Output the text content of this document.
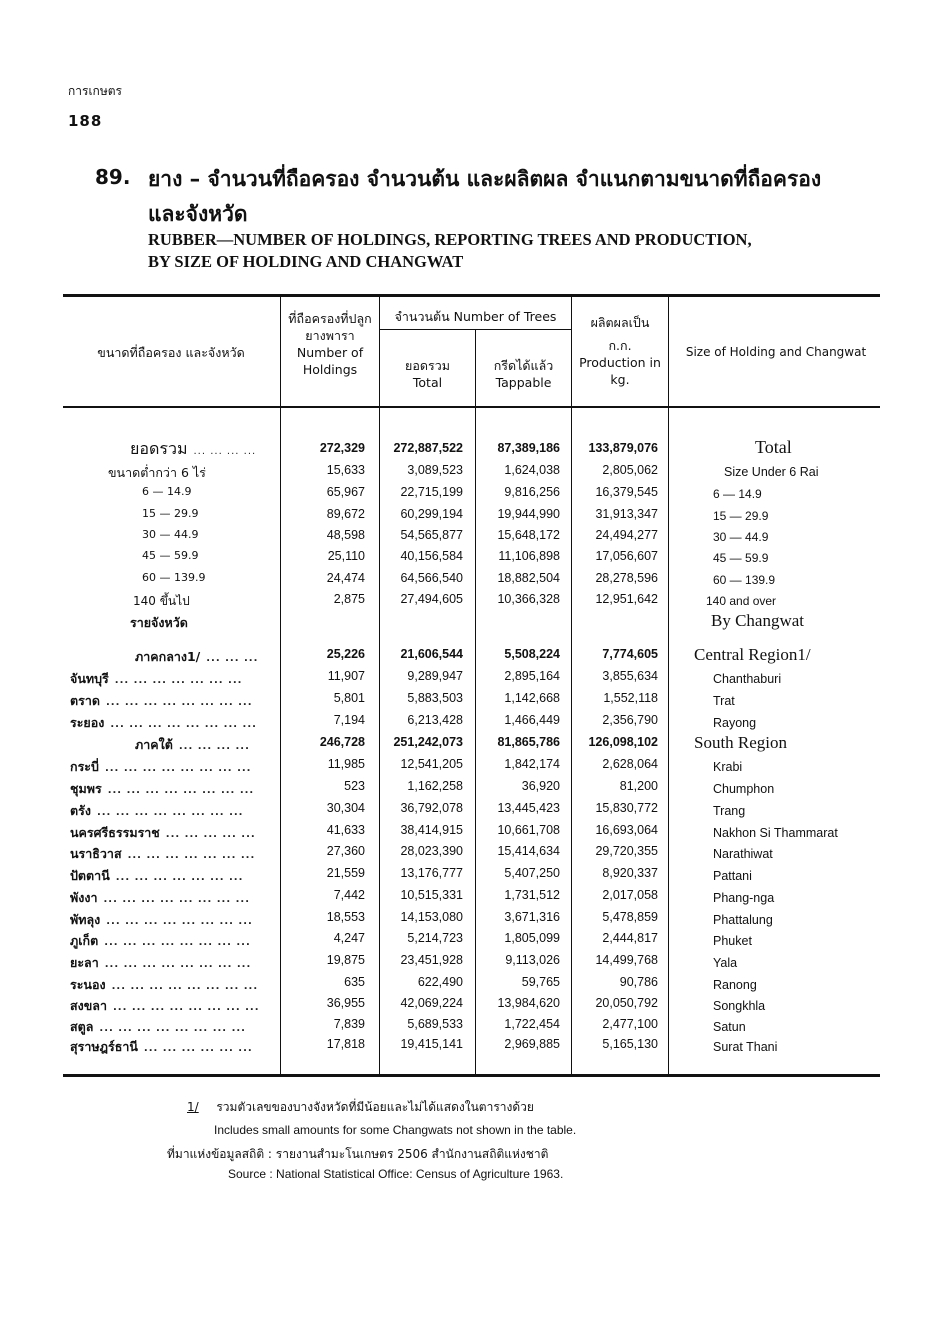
การเกษตร
188
89. ยาง – จำนวนที่ถือครอง จำนวนต้น และผลิตผล จำแนกตามขนาดที่ถือครอง
และจังหวัด
RUBBER—NUMBER OF HOLDINGS, REPORTING TREES AND PRODUCTION,
BY SIZE OF HOLDING AND CHANGWAT
ขนาดที่ถือครอง และจังหวัด
ที่ถือครองที่ปลูก
ยางพารา
Number of
Holdings
จำนวนต้น Number of Trees
ยอดรวม
Total
กรีดได้แล้ว
Tappable
ผลิตผลเป็น
ก.ก.
Production in
kg.
Size of Holding and Changwat
ยอดรวม ... ... ... ...	272,329 272,887,522	87,389,186 133,879,076	Total
ขนาดต่ำกว่า 6 ไร่	15,633	3,089,523	1,624,038	2,805,062	Size Under 6 Rai
6 — 14.9	65,967	22,715,199	9,816,256	16,379,545	6 — 14.9
15 — 29.9	89,672	60,299,194	19,944,990	31,913,347	15 — 29.9
30 — 44.9	48,598	54,565,877	15,648,172	24,494,277	30 — 44.9
45 — 59.9	25,110	40,156,584	11,106,898	17,056,607	45 — 59.9
60 — 139.9	24,474	64,566,540	18,882,504	28,278,596	60 — 139.9
140 ขึ้นไป	2,875	27,494,605	10,366,328	12,951,642	140 and over
รายจังหวัด	By Changwat
ภาคกลาง1/ ... ... ...	25,226	21,606,544	5,508,224	7,774,605 Central Region1/
จันทบุรี ... ... ... ... ... ... ...	11,907	9,289,947	2,895,164	3,855,634	Chanthaburi
ตราด ... ... ... ... ... ... ... ...	5,801	5,883,503	1,142,668	1,552,118	Trat
ระยอง ... ... ... ... ... ... ... ...	7,194	6,213,428	1,466,449	2,356,790	Rayong
ภาคใต้ ... ... ... ...	246,728 251,242,073	81,865,786 126,098,102 South Region
กระบี่ ... ... ... ... ... ... ... ...	11,985	12,541,205	1,842,174	2,628,064	Krabi
ชุมพร ... ... ... ... ... ... ... ...	523	1,162,258	36,920	81,200	Chumphon
ตรัง ... ... ... ... ... ... ... ...	30,304	36,792,078	13,445,423	15,830,772	Trang
นครศรีธรรมราช ... ... ... ... ...	41,633	38,414,915	10,661,708	16,693,064	Nakhon Si Thammarat
นราธิวาส ... ... ... ... ... ... ...	27,360	28,023,390	15,414,634	29,720,355	Narathiwat
ปัตตานี ... ... ... ... ... ... ...	21,559	13,176,777	5,407,250	8,920,337	Pattani
พังงา ... ... ... ... ... ... ... ...	7,442	10,515,331	1,731,512	2,017,058	Phang-nga
พัทลุง ... ... ... ... ... ... ... ...	18,553	14,153,080	3,671,316	5,478,859	Phattalung
ภูเก็ต ... ... ... ... ... ... ... ...	4,247	5,214,723	1,805,099	2,444,817	Phuket
ยะลา ... ... ... ... ... ... ... ...	19,875	23,451,928	9,113,026	14,499,768	Yala
ระนอง ... ... ... ... ... ... ... ...	635	622,490	59,765	90,786	Ranong
สงขลา ... ... ... ... ... ... ... ...	36,955	42,069,224	13,984,620	20,050,792	Songkhla
สตูล ... ... ... ... ... ... ... ...	7,839	5,689,533	1,722,454	2,477,100	Satun
สุราษฎร์ธานี ... ... ... ... ... ...	17,818	19,415,141	2,969,885	5,165,130	Surat Thani
1/ รวมตัวเลขของบางจังหวัดที่มีน้อยและไม่ได้แสดงในตารางด้วย
Includes small amounts for some Changwats not shown in the table.
ที่มาแห่งข้อมูลสถิติ : รายงานสำมะโนเกษตร 2506 สำนักงานสถิติแห่งชาติ
Source : National Statistical Office: Census of Agriculture 1963.
